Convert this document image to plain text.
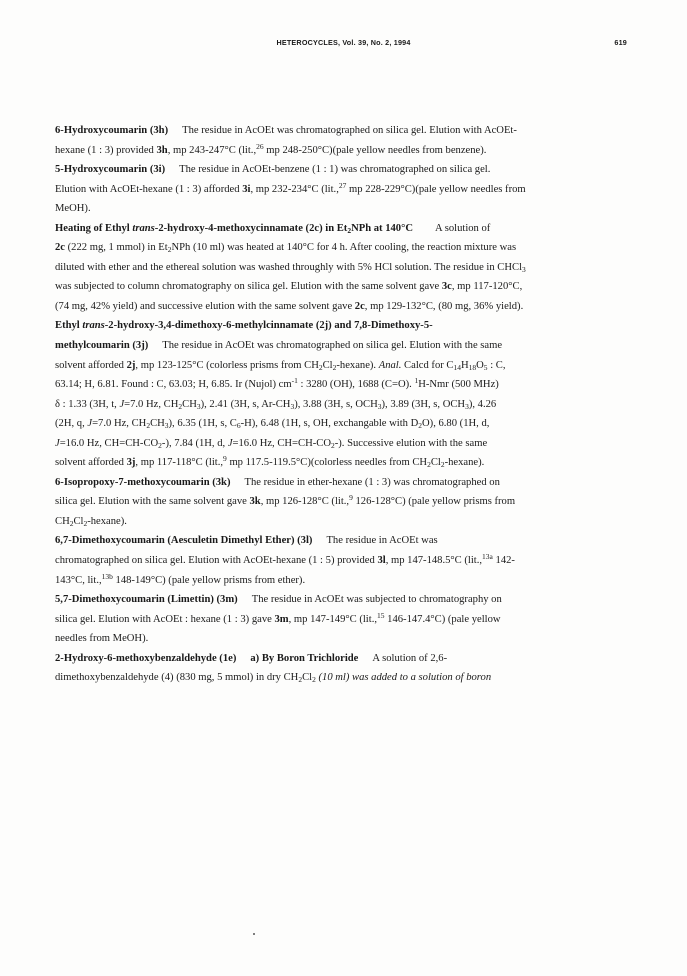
HETEROCYCLES, Vol. 39, No. 2, 1994	619
6-Hydroxycoumarin (3h) The residue in AcOEt was chromatographed on silica gel. Elution with AcOEt-
hexane (1 : 3) provided 3h, mp 243-247°C (lit.,$^{26}$ mp 248-250°C)(pale yellow needles from benzene).
5-Hydroxycoumarin (3i) The residue in AcOEt-benzene (1 : 1) was chromatographed on silica gel.
Elution with AcOEt-hexane (1 : 3) afforded 3i, mp 232-234°C (lit.,$^{27}$ mp 228-229°C)(pale yellow needles from
MeOH).
Heating of Ethyl trans-2-hydroxy-4-methoxycinnamate (2c) in $Et_2NPh$ at 140°C A solution of
2c (222 mg, 1 mmol) in $Et_2NPh$ (10 ml) was heated at 140°C for 4 h. After cooling, the reaction mixture was
diluted with ether and the ethereal solution was washed throughly with 5% HCl solution. The residue in CHCl$_3$
was subjected to column chromatography on silica gel. Elution with the same solvent gave 3c, mp 117-120°C,
(74 mg, 42% yield) and successive elution with the same solvent gave 2c, mp 129-132°C, (80 mg, 36% yield).
Ethyl trans-2-hydroxy-3,4-dimethoxy-6-methylcinnamate (2j) and 7,8-Dimethoxy-5-
methylcoumarin (3j) The residue in AcOEt was chromatographed on silica gel. Elution with the same
solvent afforded 2j, mp 123-125°C (colorless prisms from $CH_2Cl_2-hexane$). Anal. Calcd for $C_{14}H_{18}O_5$ : C,
63.14; H, 6.81. Found : C, 63.03; H, 6.85. Ir (Nujol) $cm^{-1}$ : 3280 (OH), 1688 (C=O). $^1$H-Nmr (500 MHz)
δ : 1.33 (3H, t, J=7.0 Hz, $CH_2CH_3$), 2.41 (3H, s, $Ar-CH_3$), 3.88 (3H, s, $OCH_3$), 3.89 (3H, s, $OCH_3$), 4.26
(2H, q, J=7.0 Hz, $CH_2CH_3$), 6.35 (1H, s, $C_6-H$), 6.48 (1H, s, OH, exchangable with $D_2O$), 6.80 (1H, d,
J=16.0 Hz, $CH=CH-CO_2-$), 7.84 (1H, d, J=16.0 Hz, $CH=CH-CO_2-$). Successive elution with the same
solvent afforded 3j, mp 117-118°C (lit.,$^9$ mp 117.5-119.5°C)(colorless needles from $CH_2Cl_2-hexane$).
6-Isopropoxy-7-methoxycoumarin (3k) The residue in ether-hexane (1 : 3) was chromatographed on
silica gel. Elution with the same solvent gave 3k, mp 126-128°C (lit.,$^9$ 126-128°C) (pale yellow prisms from
$CH_2Cl_2-hexane$).
6,7-Dimethoxycoumarin (Aesculetin Dimethyl Ether) (3l) The residue in AcOEt was
chromatographed on silica gel. Elution with AcOEt-hexane (1 : 5) provided 3l, mp 147-148.5°C (lit.,$^{13a}$ 142-
143°C, lit.,$^{13b}$ 148-149°C) (pale yellow prisms from ether).
5,7-Dimethoxycoumarin (Limettin) (3m) The residue in AcOEt was subjected to chromatography on
silica gel. Elution with AcOEt : hexane (1 : 3) gave 3m, mp 147-149°C (lit.,$^{15}$ 146-147.4°C) (pale yellow
needles from MeOH).
2-Hydroxy-6-methoxybenzaldehyde (1e) a) By Boron Trichloride A solution of 2,6-
dimethoxybenzaldehyde (4) (830 mg, 5 mmol) in dry $CH_2Cl_2$ (10 ml) was added to a solution of boron
